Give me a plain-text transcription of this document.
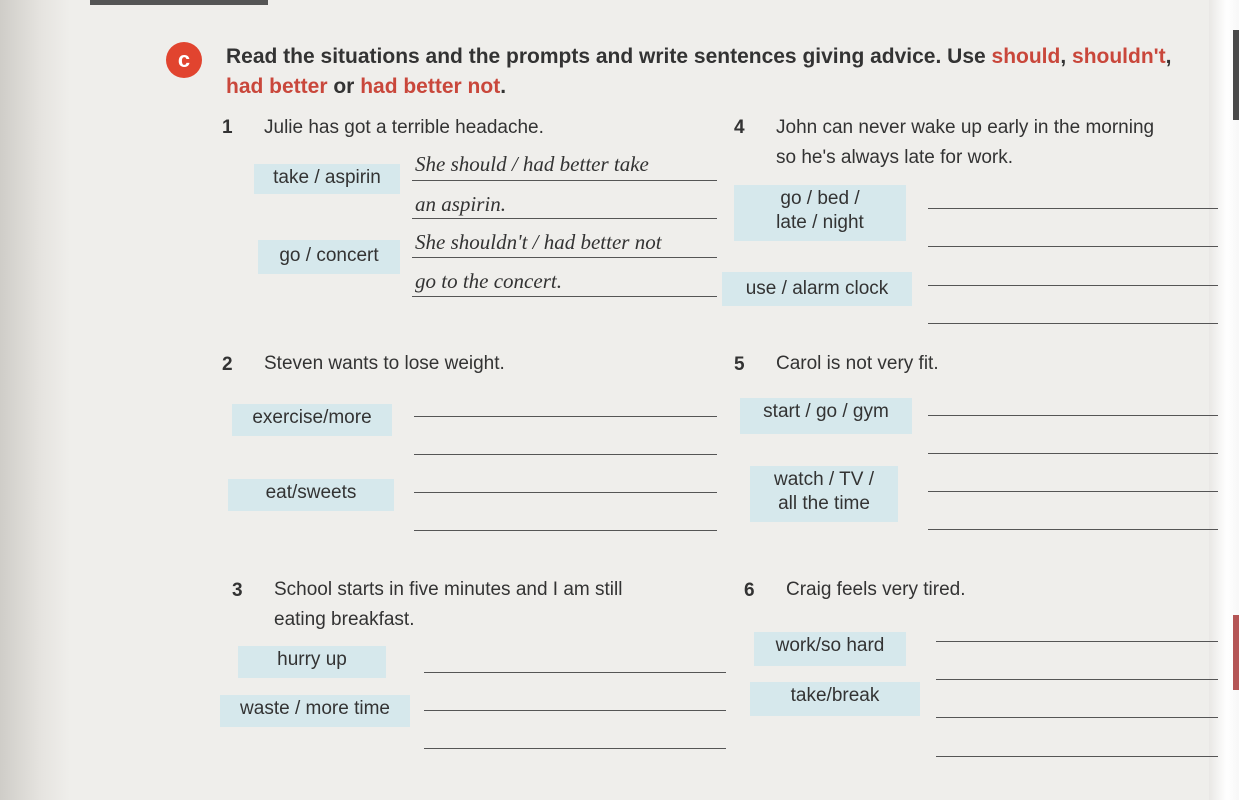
c	Read the situations and the prompts and write sentences giving advice. Use should, shouldn't, had better or had better not.
1 Julie has got a terrible headache.
take / aspirin
go / concert
She should / had better take
an aspirin.
She shouldn't / had better not
go to the concert.
2 Steven wants to lose weight.
exercise/more
eat/sweets
3 School starts in five minutes and I am still
eating breakfast.
hurry up
waste / more time
4 John can never wake up early in the morning
so he's always late for work.
go / bed /
late / night
use / alarm clock
5 Carol is not very fit.
start / go / gym
watch / TV /
all the time
6 Craig feels very tired.
work/so hard
take/break
